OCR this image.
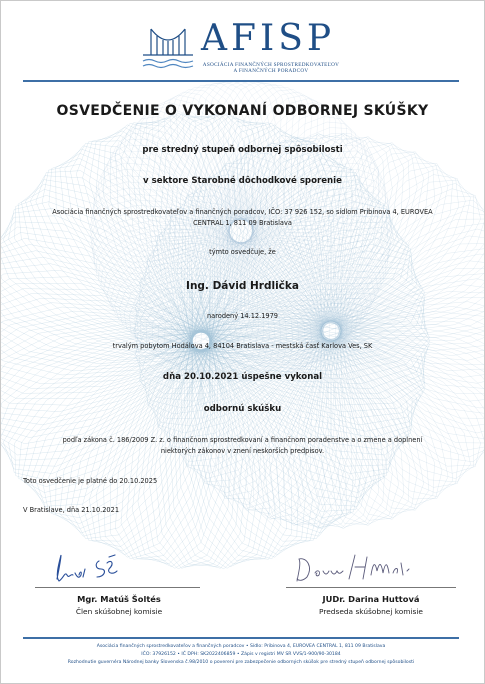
AFISP
ASOCIÁCIA FINANČNÝCH SPROSTREDKOVATEĽOV
A FINANČNÝCH PORADCOV
OSVEDČENIE O VYKONANÍ ODBORNEJ SKÚŠKY
pre stredný stupeň odbornej spôsobilosti
v sektore Starobné dôchodkové sporenie
Asociácia finančných sprostredkovateľov a finančných poradcov, IČO: 37 926 152, so sídlom Pribinova 4, EUROVEA
CENTRAL 1, 811 09 Bratislava
týmto osvedčuje, že
Ing. Dávid Hrdlička
narodený 14.12.1979
trvalým pobytom Hodálova 4, 84104 Bratislava - mestská časť Karlova Ves, SK
dňa 20.10.2021 úspešne vykonal
odbornú skúšku
podľa zákona č. 186/2009 Z. z. o finančnom sprostredkovaní a finančnom poradenstve a o zmene a doplnení
niektorých zákonov v znení neskorších predpisov.
Toto osvedčenie je platné do 20.10.2025
V Bratislave, dňa 21.10.2021
Mgr. Matúš Šoltés
Člen skúšobnej komisie
JUDr. Darina Huttová
Predseda skúšobnej komisie
Asociácia finančných sprostredkovateľov a finančných poradcov • Sídlo: Pribinova 4, EUROVEA CENTRAL 1, 811 09 Bratislava
IČO: 37926152 • IČ DPH: SK2022406859 • Zápis v registri MV SR VVS/1-900/90-30184
Rozhodnutie guvernéra Národnej banky Slovenska č.98/2010 o poverení pre zabezpečenie odborných skúšok pre stredný stupeň odbornej spôsobilosti
